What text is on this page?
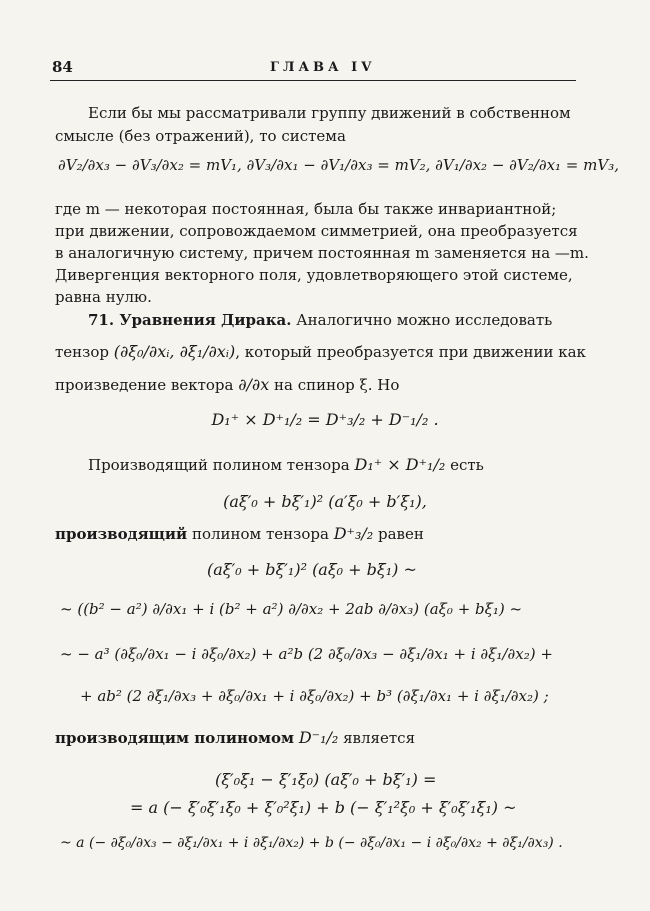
84	ГЛАВА IV
Если бы мы рассматривали группу движений в собственном
смысле (без отражений), то система
∂V₂/∂x₃ − ∂V₃/∂x₂ = mV₁, ∂V₃/∂x₁ − ∂V₁/∂x₃ = mV₂, ∂V₁/∂x₂ − ∂V₂/∂x₁ = mV₃,
где m — некоторая постоянная, была бы также инвариантной;
при движении, сопровождаемом симметрией, она преобразуется
в аналогичную систему, причем постоянная m заменяется на —m.
Дивергенция векторного поля, удовлетворяющего этой системе,
равна нулю.
71. Уравнения Дирака. Аналогично можно исследовать
тензор (∂ξ₀/∂xᵢ, ∂ξ₁/∂xᵢ), который преобразуется при движении как
произведение вектора ∂/∂x на спинор ξ. Но
D₁⁺ × D⁺₁/₂ = D⁺₃/₂ + D⁻₁/₂ .
Производящий полином тензора D₁⁺ × D⁺₁/₂ есть
(aξ′₀ + bξ′₁)² (a′ξ₀ + b′ξ₁),
производящий полином тензора D⁺₃/₂ равен
(aξ′₀ + bξ′₁)² (aξ₀ + bξ₁) ~
~ ((b² − a²) ∂/∂x₁ + i (b² + a²) ∂/∂x₂ + 2ab ∂/∂x₃) (aξ₀ + bξ₁) ~
~ − a³ (∂ξ₀/∂x₁ − i ∂ξ₀/∂x₂) + a²b (2 ∂ξ₀/∂x₃ − ∂ξ₁/∂x₁ + i ∂ξ₁/∂x₂) +
+ ab² (2 ∂ξ₁/∂x₃ + ∂ξ₀/∂x₁ + i ∂ξ₀/∂x₂) + b³ (∂ξ₁/∂x₁ + i ∂ξ₁/∂x₂) ;
производящим полиномом D⁻₁/₂ является
(ξ′₀ξ₁ − ξ′₁ξ₀) (aξ′₀ + bξ′₁) =
= a (− ξ′₀ξ′₁ξ₀ + ξ′₀²ξ₁) + b (− ξ′₁²ξ₀ + ξ′₀ξ′₁ξ₁) ~
~ a (− ∂ξ₀/∂x₃ − ∂ξ₁/∂x₁ + i ∂ξ₁/∂x₂) + b (− ∂ξ₀/∂x₁ − i ∂ξ₀/∂x₂ + ∂ξ₁/∂x₃) .
